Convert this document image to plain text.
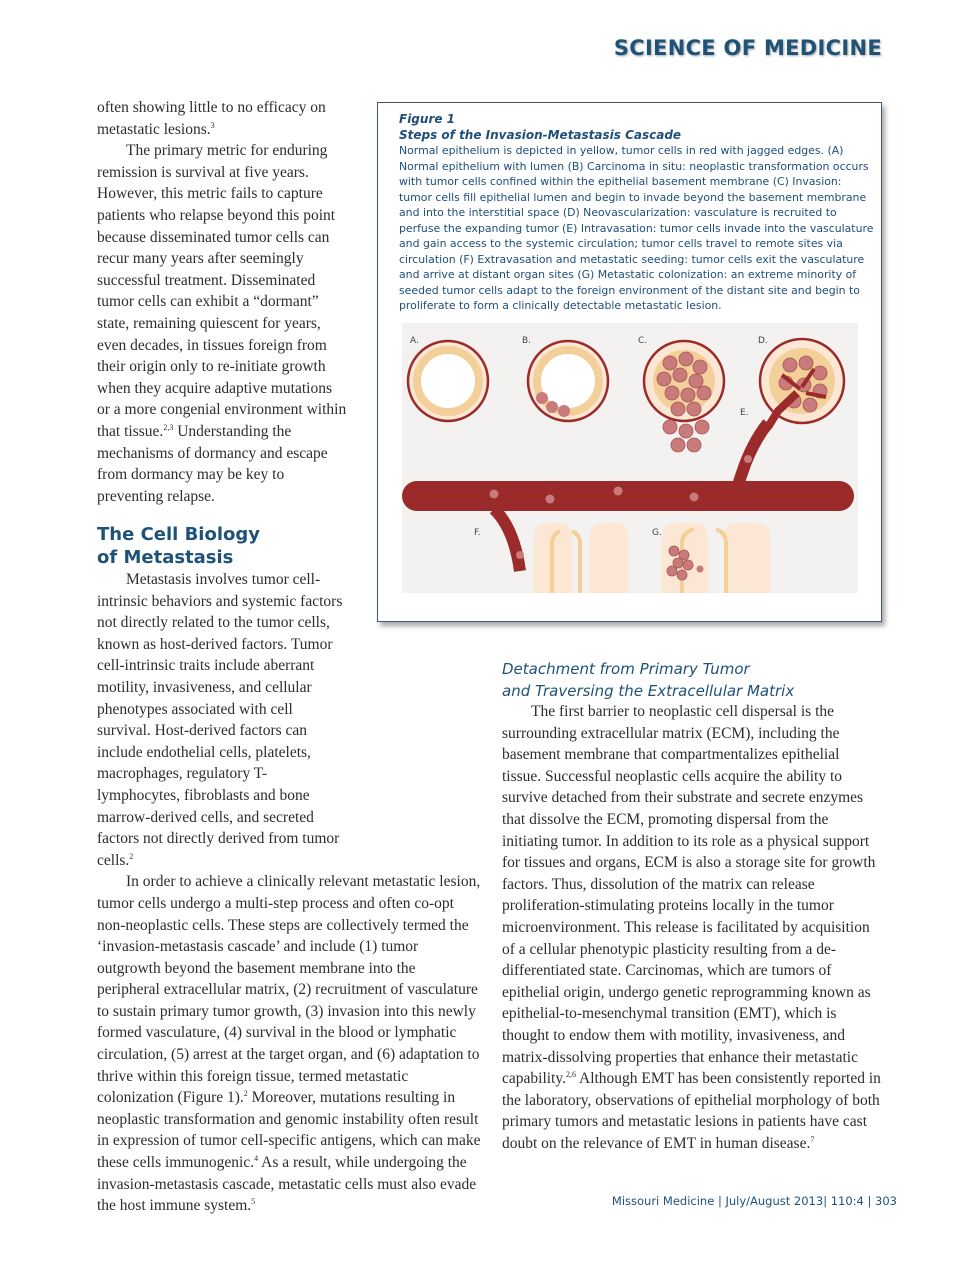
SCIENCE OF MEDICINE

often showing little to no efficacy on metastatic lesions.$^3$

The primary metric for enduring remission is survival at five years. However, this metric fails to capture patients who relapse beyond this point because disseminated tumor cells can recur many years after seemingly successful treatment. Disseminated tumor cells can exhibit a “dormant” state, remaining quiescent for years, even decades, in tissues foreign from their origin only to re-initiate growth when they acquire adaptive mutations or a more congenial environment within that tissue.$^{2,3}$ Understanding the mechanisms of dormancy and escape from dormancy may be key to preventing relapse.

The Cell Biology
of Metastasis

Metastasis involves tumor cell-intrinsic behaviors and systemic factors not directly related to the tumor cells, known as host-derived factors. Tumor cell-intrinsic traits include aberrant motility, invasiveness, and cellular phenotypes associated with cell survival. Host-derived factors can include endothelial cells, platelets, macrophages, regulatory T-lymphocytes, fibroblasts and bone marrow-derived cells, and secreted factors not directly derived from tumor cells.$^2$

In order to achieve a clinically relevant metastatic lesion, tumor cells undergo a multi-step process and often co-opt non-neoplastic cells. These steps are collectively termed the ‘invasion-metastasis cascade’ and include (1) tumor outgrowth beyond the basement membrane into the peripheral extracellular matrix, (2) recruitment of vasculature to sustain primary tumor growth, (3) invasion into this newly formed vasculature, (4) survival in the blood or lymphatic circulation, (5) arrest at the target organ, and (6) adaptation to thrive within this foreign tissue, termed metastatic colonization (Figure 1).$^2$ Moreover, mutations resulting in neoplastic transformation and genomic instability often result in expression of tumor cell-specific antigens, which can make these cells immunogenic.$^4$ As a result, while undergoing the invasion-metastasis cascade, metastatic cells must also evade the host immune system.$^5$

Figure 1
Steps of the Invasion-Metastasis Cascade
Normal epithelium is depicted in yellow, tumor cells in red with jagged edges. (A) Normal epithelium with lumen (B) Carcinoma in situ: neoplastic transformation occurs with tumor cells confined within the epithelial basement membrane (C) Invasion: tumor cells fill epithelial lumen and begin to invade beyond the basement membrane and into the interstitial space (D) Neovascularization: vasculature is recruited to perfuse the expanding tumor (E) Intravasation: tumor cells invade into the vasculature and gain access to the systemic circulation; tumor cells travel to remote sites via circulation (F) Extravasation and metastatic seeding: tumor cells exit the vasculature and arrive at distant organ sites (G) Metastatic colonization: an extreme minority of seeded tumor cells adapt to the foreign environment of the distant site and begin to proliferate to form a clinically detectable metastatic lesion.
A.	B.	C.	D.
E.
F.	G.
Detachment from Primary Tumor
and Traversing the Extracellular Matrix

The first barrier to neoplastic cell dispersal is the surrounding extracellular matrix (ECM), including the basement membrane that compartmentalizes epithelial tissue. Successful neoplastic cells acquire the ability to survive detached from their substrate and secrete enzymes that dissolve the ECM, promoting dispersal from the initiating tumor. In addition to its role as a physical support for tissues and organs, ECM is also a storage site for growth factors. Thus, dissolution of the matrix can release proliferation-stimulating proteins locally in the tumor microenvironment. This release is facilitated by acquisition of a cellular phenotypic plasticity resulting from a de-differentiated state. Carcinomas, which are tumors of epithelial origin, undergo genetic reprogramming known as epithelial-to-mesenchymal transition (EMT), which is thought to endow them with motility, invasiveness, and matrix-dissolving properties that enhance their metastatic capability.$^{2,6}$ Although EMT has been consistently reported in the laboratory, observations of epithelial morphology of both primary tumors and metastatic lesions in patients have cast doubt on the relevance of EMT in human disease.$^7$

Missouri Medicine | July/August 2013| 110:4 | 303
